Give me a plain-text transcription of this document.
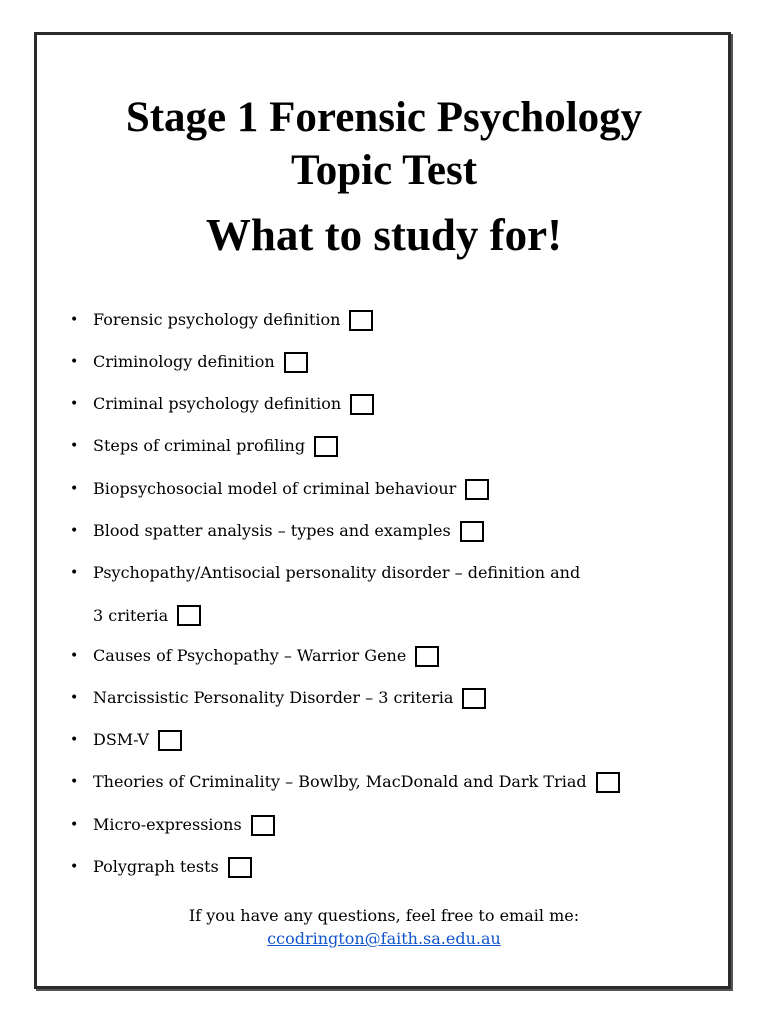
Stage 1 Forensic Psychology
Topic Test
What to study for!
• Forensic psychology definition
• Criminology definition
• Criminal psychology definition
• Steps of criminal profiling
• Biopsychosocial model of criminal behaviour
• Blood spatter analysis – types and examples
• Psychopathy/Antisocial personality disorder – definition and
3 criteria
• Causes of Psychopathy – Warrior Gene
• Narcissistic Personality Disorder – 3 criteria
• DSM-V
• Theories of Criminality – Bowlby, MacDonald and Dark Triad
• Micro-expressions
• Polygraph tests

If you have any questions, feel free to email me:

ccodrington@faith.sa.edu.au
